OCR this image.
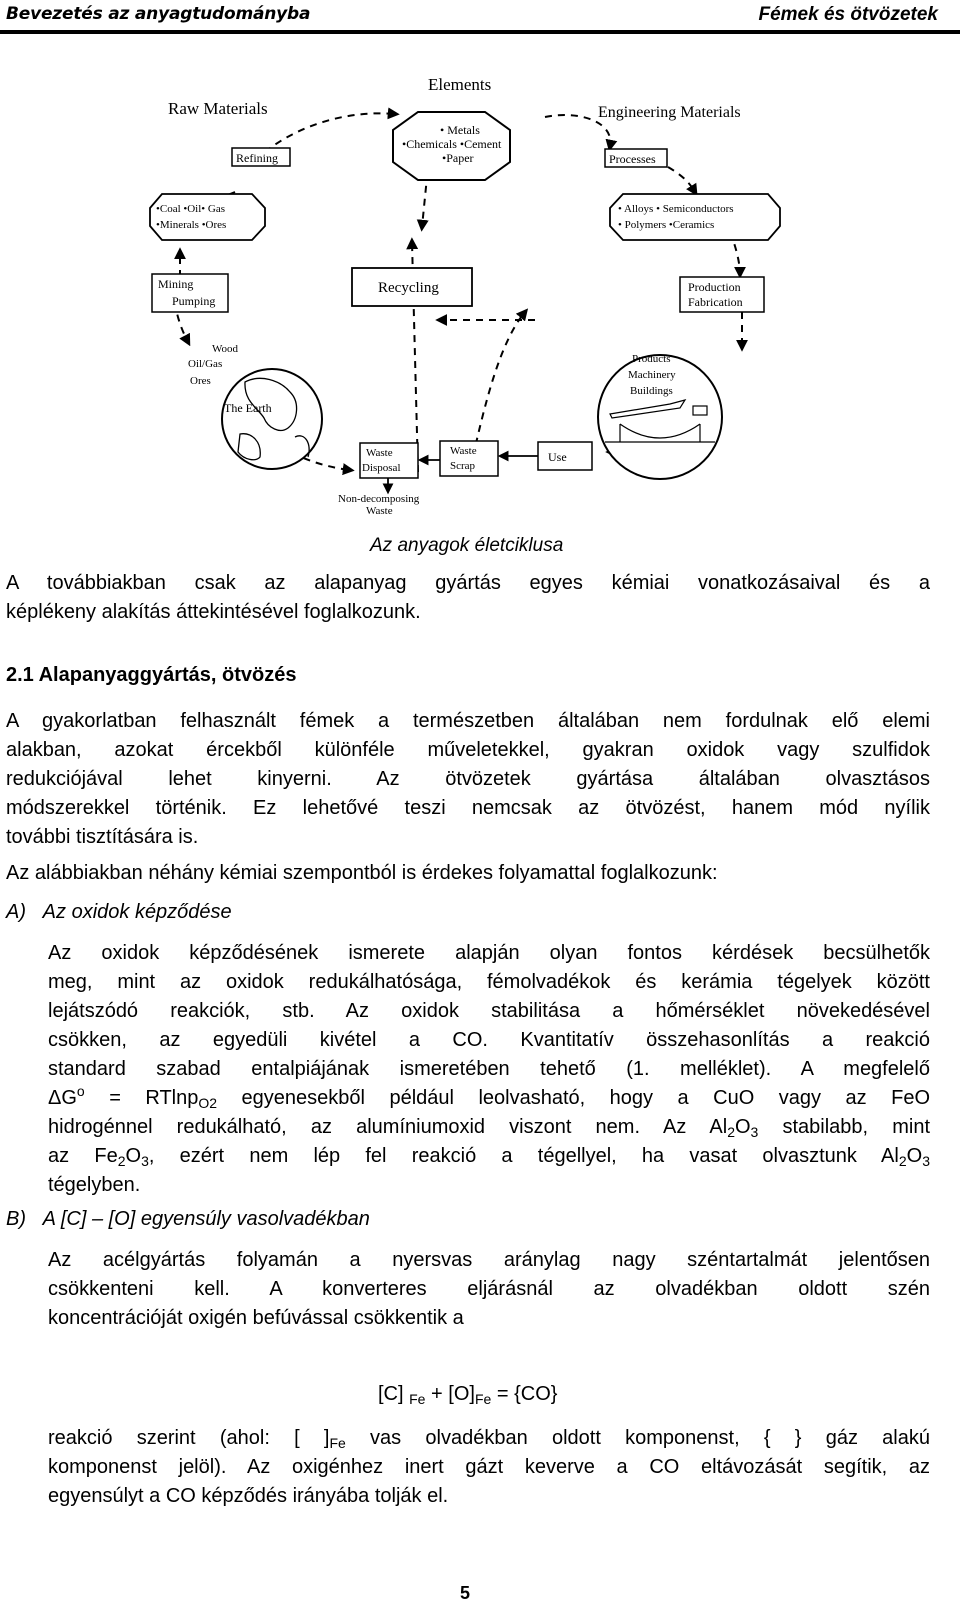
Bevezetés az anyagtudományba	Fémek és ötvözetek
Elements
Raw Materials	Engineering Materials
• Metals
•Chemicals •Cement
•Paper
Refining	Processes
•Coal •Oil• Gas
•Minerals •Ores
• Alloys • Semiconductors
• Polymers •Ceramics
Mining
Pumping
Recycling	Production
Fabrication
The Earth
Wood
Oil/Gas
Ores
Products
Machinery
Buildings
Waste
Disposal
Waste
Scrap
Use
Non-decomposing
Waste
Az anyagok életciklusa
A továbbiakban csak az alapanyag gyártás egyes kémiai vonatkozásaival és a
képlékeny alakítás áttekintésével foglalkozunk.
2.1 Alapanyaggyártás, ötvözés
A gyakorlatban felhasznált fémek a természetben általában nem fordulnak elő elemi
alakban, azokat ércekből különféle műveletekkel, gyakran oxidok vagy szulfidok
redukciójával lehet kinyerni. Az ötvözetek gyártása általában olvasztásos
módszerekkel történik. Ez lehetővé teszi nemcsak az ötvözést, hanem mód nyílik
további tisztítására is.
Az alábbiakban néhány kémiai szempontból is érdekes folyamattal foglalkozunk:
A) Az oxidok képződése
Az oxidok képződésének ismerete alapján olyan fontos kérdések becsülhetők
meg, mint az oxidok redukálhatósága, fémolvadékok és kerámia tégelyek között
lejátszódó reakciók, stb. Az oxidok stabilitása a hőmérséklet növekedésével
csökken, az egyedüli kivétel a CO. Kvantitatív összehasonlítás a reakció
standard szabad entalpiájának ismeretében tehető (1. melléklet). A megfelelő
$\Delta G^o = RTlnp_{O2}$ egyenesekből például leolvasható, hogy a CuO vagy az FeO
hidrogénnel redukálható, az alumíniumoxid viszont nem. Az $Al_2O_3$ stabilabb, mint
az $Fe_2O_3$, ezért nem lép fel reakció a tégellyel, ha vasat olvasztunk $Al_2O_3$
tégelyben.
B) A [C] – [O] egyensúly vasolvadékban
Az acélgyártás folyamán a nyersvas aránylag nagy széntartalmát jelentősen
csökkenteni kell. A konverteres eljárásnál az olvadékban oldott szén
koncentrációját oxigén befúvással csökkentik a
[C] $_{Fe} + [O]_{Fe} = \{CO\}$
reakció szerint (ahol: [ ]$_{Fe}$ vas olvadékban oldott komponenst, { } gáz alakú
komponenst jelöl). Az oxigénhez inert gázt keverve a CO eltávozását segítik, az
egyensúlyt a CO képződés irányába tolják el.
5
